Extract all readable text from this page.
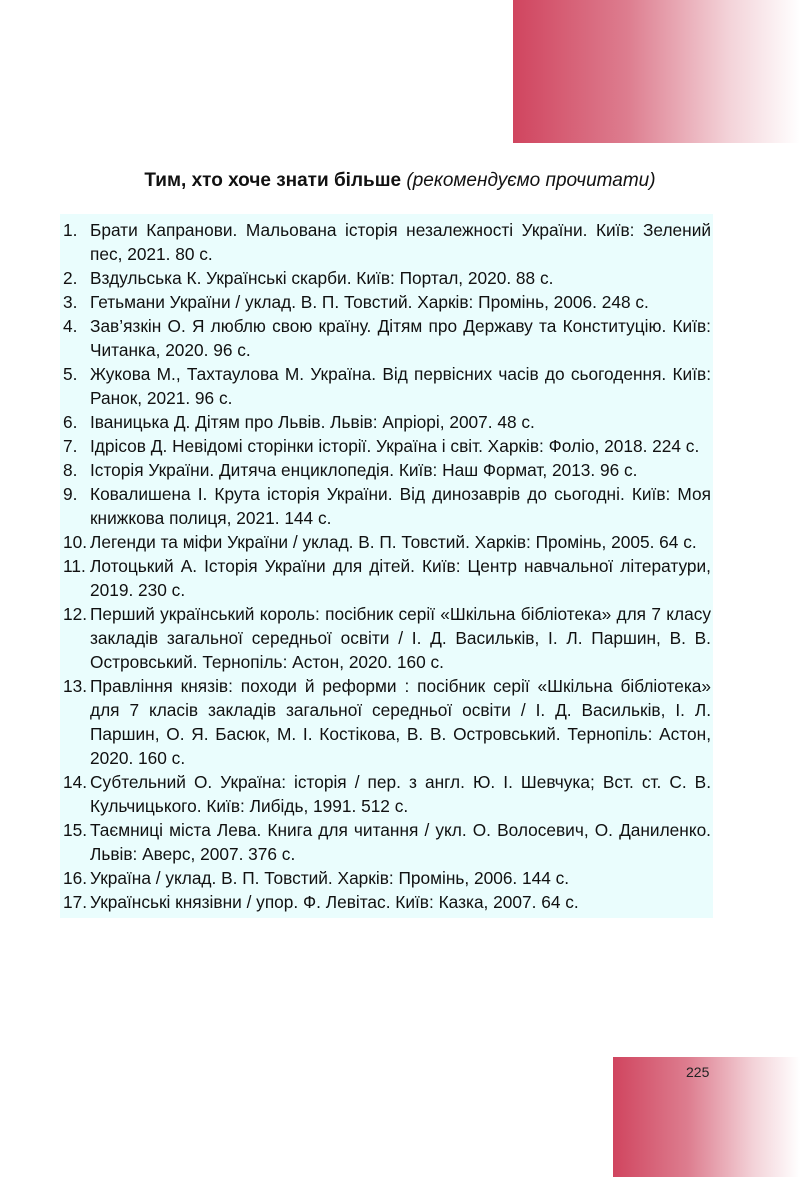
Тим, хто хоче знати більше (рекомендуємо прочитати)
1. Брати Капранови. Мальована історія незалежності України. Київ: Зелений пес, 2021. 80 с.
2. Вздульська К. Українські скарби. Київ: Портал, 2020. 88 с.
3. Гетьмани України / уклад. В. П. Товстий. Харків: Промінь, 2006. 248 с.
4. Зав’язкін О. Я люблю свою країну. Дітям про Державу та Конституцію. Київ: Читанка, 2020. 96 с.
5. Жукова М., Тахтаулова М. Україна. Від первісних часів до сьогодення. Київ: Ранок, 2021. 96 с.
6. Іваницька Д. Дітям про Львів. Львів: Апріорі, 2007. 48 с.
7. Ідрісов Д. Невідомі сторінки історії. Україна і світ. Харків: Фоліо, 2018. 224 с.
8. Історія України. Дитяча енциклопедія. Київ: Наш Формат, 2013. 96 с.
9. Ковалишена І. Крута історія України. Від динозаврів до сьогодні. Київ: Моя книжкова полиця, 2021. 144 с.
10. Легенди та міфи України / уклад. В. П. Товстий. Харків: Промінь, 2005. 64 с.
11. Лотоцький А. Історія України для дітей. Київ: Центр навчальної літератури, 2019. 230 с.
12. Перший український король: посібник серії «Шкільна бібліотека» для 7 класу закладів загальної середньої освіти / І. Д. Васильків, І. Л. Паршин, В. В. Островський. Тернопіль: Астон, 2020. 160 с.
13. Правління князів: походи й реформи : посібник серії «Шкільна бібліотека» для 7 класів закладів загальної середньої освіти / І. Д. Васильків, І. Л. Паршин, О. Я. Басюк, М. І. Костікова, В. В. Островський. Тернопіль: Астон, 2020. 160 с.
14. Субтельний О. Україна: історія / пер. з англ. Ю. І. Шевчука; Вст. ст. С. В. Кульчицького. Київ: Либідь, 1991. 512 с.
15. Таємниці міста Лева. Книга для читання / укл. О. Волосевич, О. Даниленко. Львів: Аверс, 2007. 376 с.
16. Україна / уклад. В. П. Товстий. Харків: Промінь, 2006. 144 с.
17. Українські князівни / упор. Ф. Левітас. Київ: Казка, 2007. 64 с.
225
